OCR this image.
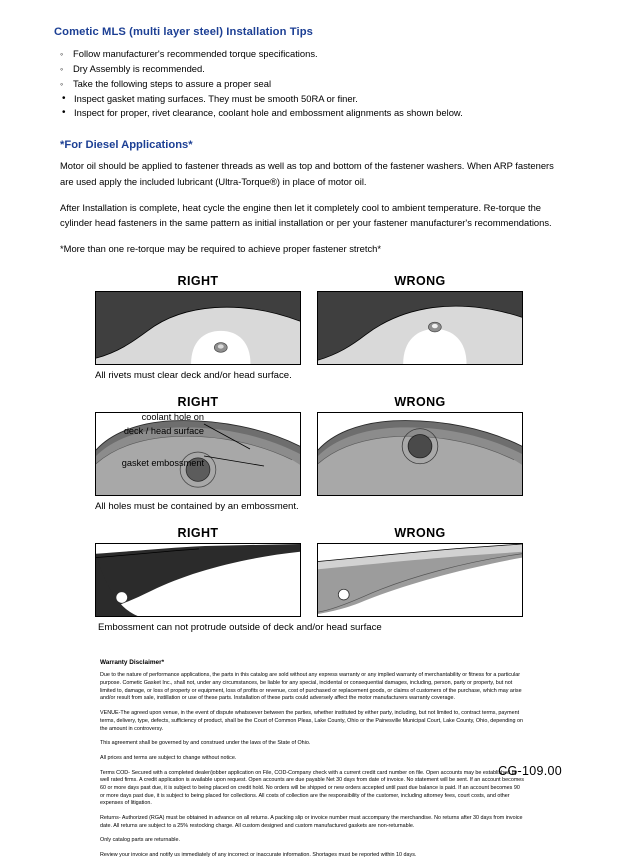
Cometic MLS (multi layer steel) Installation Tips
◦ Follow manufacturer's recommended torque specifications.
◦ Dry Assembly is recommended.
◦ Take the following steps to assure a proper seal
• Inspect gasket mating surfaces. They must be smooth 50RA or finer.
• Inspect for proper, rivet clearance, coolant hole and embossment alignments as shown below.
*For Diesel Applications*

Motor oil should be applied to fastener threads as well as top and bottom of the fastener washers. When ARP fasteners are used apply the included lubricant (Ultra-Torque®) in place of motor oil.

After Installation is complete, heat cycle the engine then let it completely cool to ambient temperature. Re-torque the cylinder head fasteners in the same pattern as initial installation or per your fastener manufacturer's recommendations.

*More than one re-torque may be required to achieve proper fastener stretch*

RIGHT	WRONG
All rivets must clear deck and/or head surface.
RIGHT	WRONG
coolant hole on
deck / head surface
gasket embossment
All holes must be contained by an embossment.
RIGHT	WRONG
Embossment can not protrude outside of deck and/or head surface
Warranty Disclaimer*

Due to the nature of performance applications, the parts in this catalog are sold without any express warranty or any implied warranty of merchantability or fitness for a particular purpose. Cometic Gasket Inc., shall not, under any circumstances, be liable for any special, incidental or consequential damages, including, person, party or property, but not limited to, damage, or loss of property or equipment, loss of profits or revenue, cost of purchased or replacement goods, or claims of customers of the purchase, which may arise and/or result from sale, instillation or use of these parts. Installation of these parts could adversely affect the motor manufacturers warranty coverage.

VENUE-The agreed upon venue, in the event of dispute whatsoever between the parties, whether instituted by either party, including, but not limited to, contract terms, payment terms, delivery, type, defects, sufficiency of product, shall be the Court of Common Pleas, Lake County, Ohio or the Painesville Municipal Court, Lake County, Ohio, depending on the amount in controversy.

This agreement shall be governed by and construed under the laws of the State of Ohio.

All prices and terms are subject to change without notice.

Terms COD- Secured with a completed dealer/jobber application on File, COD-Company check with a current credit card number on file. Open accounts may be established by well rated firms. A credit application is available upon request. Open accounts are due payable Net 30 days from date of invoice. No statement will be sent. If an account becomes 60 or more days past due, it is subject to being placed on credit hold. No orders will be shipped or new orders accepted until past due balance is paid. If an account becomes 90 or more days past due, it is subject to being placed for collections. All costs of collection are the responsibility of the customer, including attorney fees, court costs, and other expenses of litigation.

Returns- Authorized (RGA) must be obtained in advance on all returns. A packing slip or invoice number must accompany the merchandise. No returns after 30 days from invoice date. All returns are subject to a 25% restocking charge. All custom designed and custom manufactured gaskets are non-returnable.

Only catalog parts are returnable.

Review your invoice and notify us immediately of any incorrect or inaccurate information. Shortages must be reported within 10 days.

CG-109.00
